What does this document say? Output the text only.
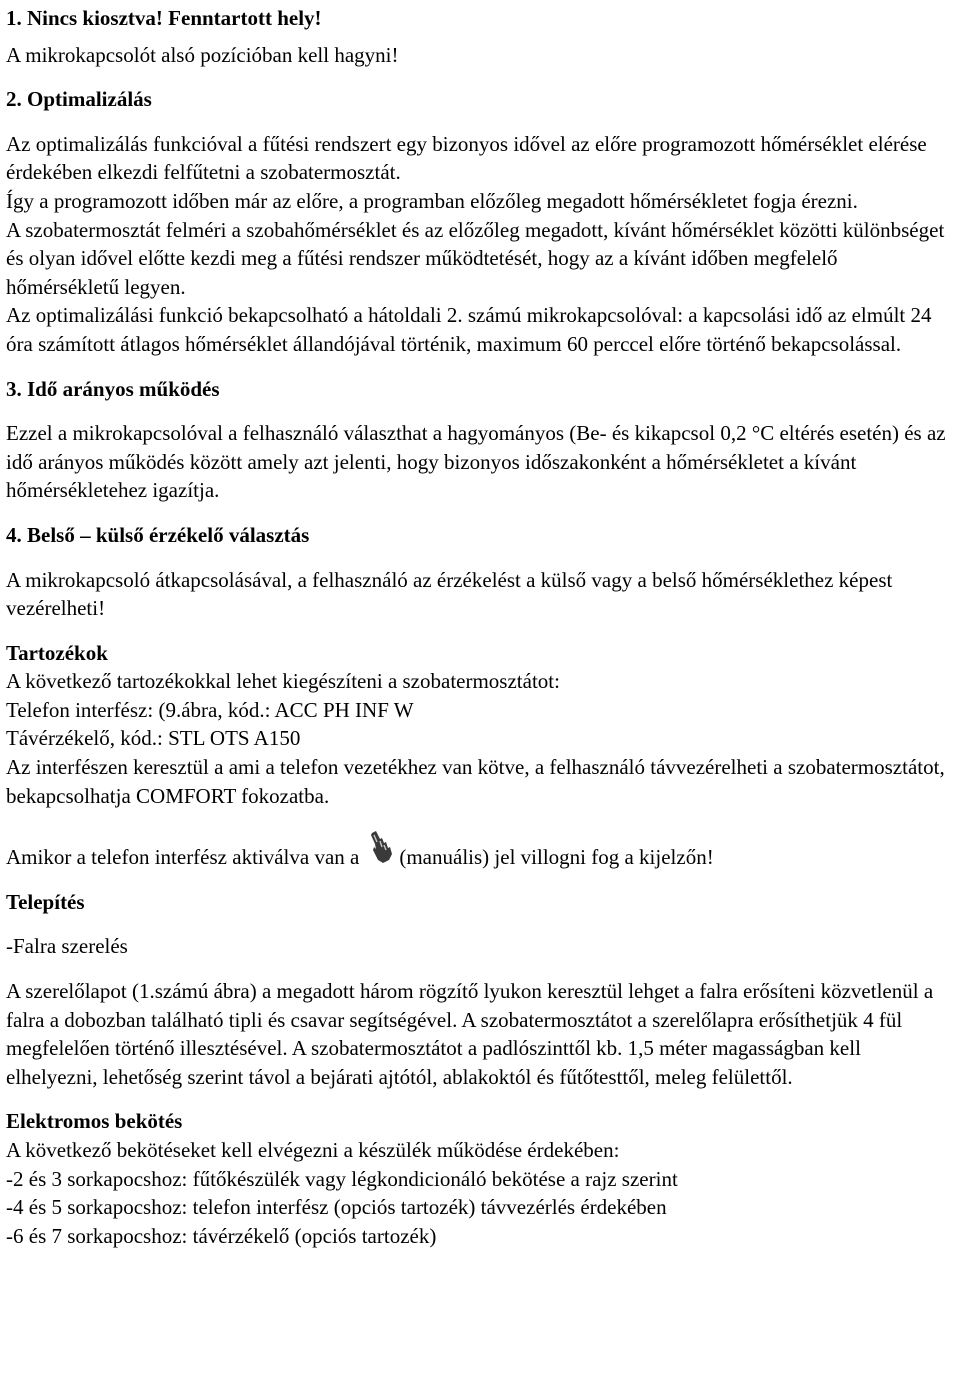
1. Nincs kiosztva! Fenntartott hely!

A mikrokapcsolót alsó pozícióban kell hagyni!

2. Optimalizálás

Az optimalizálás funkcióval a fűtési rendszert egy bizonyos idővel az előre programozott hőmérséklet elérése érdekében elkezdi felfűtetni a szobatermosztát.

Így a programozott időben már az előre, a programban előzőleg megadott hőmérsékletet fogja érezni.

A szobatermosztát felméri a szobahőmérséklet és az előzőleg megadott, kívánt hőmérséklet közötti különbséget és olyan idővel előtte kezdi meg a fűtési rendszer működtetését, hogy az a kívánt időben megfelelő hőmérsékletű legyen.

Az optimalizálási funkció bekapcsolható a hátoldali 2. számú mikrokapcsolóval: a kapcsolási idő az elmúlt 24 óra számított átlagos hőmérséklet állandójával történik, maximum 60 perccel előre történő bekapcsolással.

3. Idő arányos működés

Ezzel a mikrokapcsolóval a felhasználó választhat a hagyományos (Be- és kikapcsol 0,2 °C eltérés esetén) és az idő arányos működés között amely azt jelenti, hogy bizonyos időszakonként a hőmérsékletet a kívánt hőmérsékletehez igazítja.

4. Belső – külső érzékelő választás

A mikrokapcsoló átkapcsolásával, a felhasználó az érzékelést a külső vagy a belső hőmérséklethez képest vezérelheti!

Tartozékok

A következő tartozékokkal lehet kiegészíteni a szobatermosztátot:

Telefon interfész: (9.ábra, kód.: ACC PH INF W

Távérzékelő, kód.: STL OTS A150

Az interfészen keresztül a ami a telefon vezetékhez van kötve, a felhasználó távvezérelheti a szobatermosztátot, bekapcsolhatja COMFORT fokozatba.

Amikor a telefon interfész aktiválva van a (manuális) jel villogni fog a kijelzőn!

Telepítés

-Falra szerelés

A szerelőlapot (1.számú ábra) a megadott három rögzítő lyukon keresztül lehget a falra erősíteni közvetlenül a falra a dobozban található tipli és csavar segítségével. A szobatermosztátot a szerelőlapra erősíthetjük 4 fül megfelelően történő illesztésével. A szobatermosztátot a padlószinttől kb. 1,5 méter magasságban kell elhelyezni, lehetőség szerint távol a bejárati ajtótól, ablakoktól és fűtőtesttől, meleg felülettől.

Elektromos bekötés

A következő bekötéseket kell elvégezni a készülék működése érdekében:

-2 és 3 sorkapocshoz: fűtőkészülék vagy légkondicionáló bekötése a rajz szerint

-4 és 5 sorkapocshoz: telefon interfész (opciós tartozék) távvezérlés érdekében

-6 és 7 sorkapocshoz: távérzékelő (opciós tartozék)
